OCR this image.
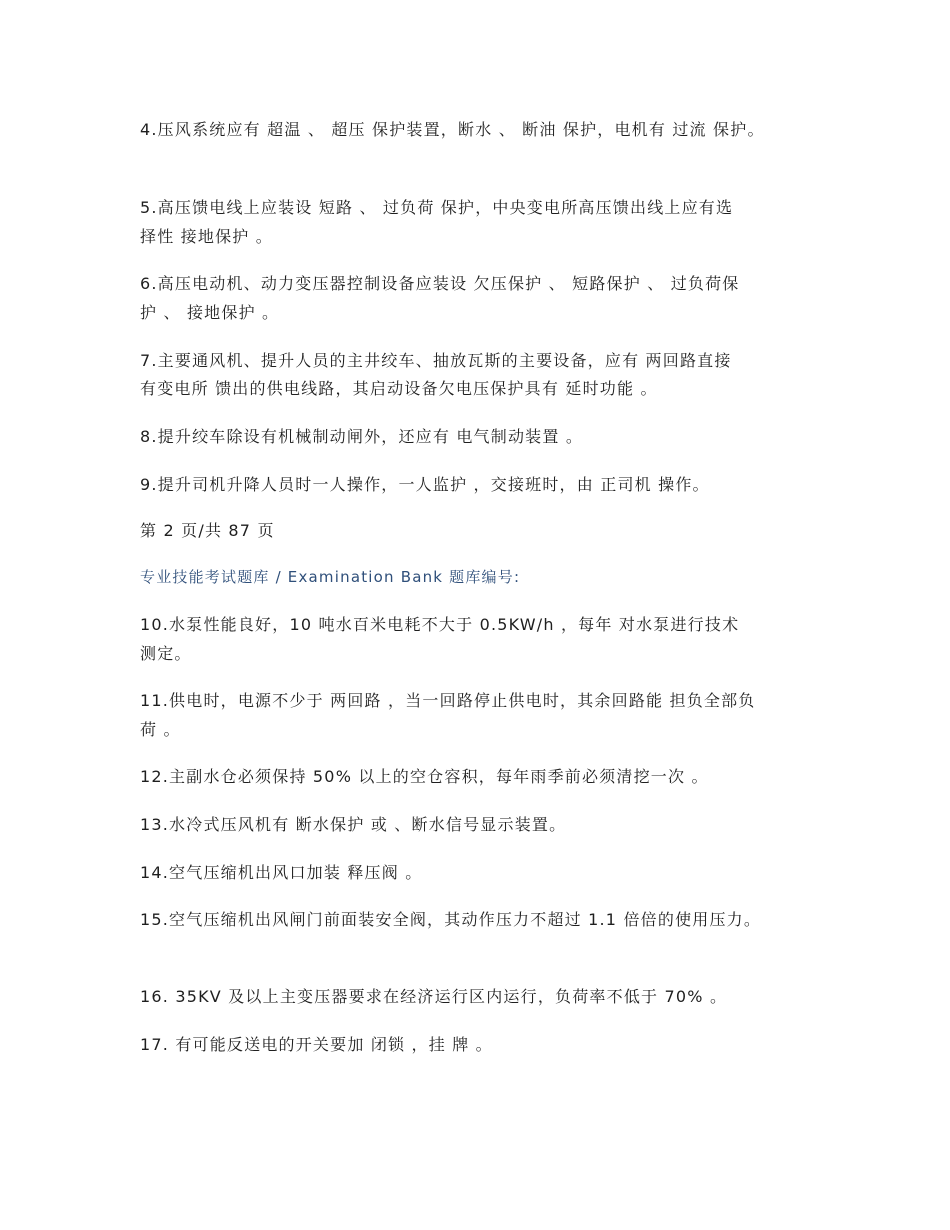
4.压风系统应有 超温 、 超压 保护装置，断水 、 断油 保护，电机有 过流 保护。
5.高压馈电线上应装设 短路 、 过负荷 保护，中央变电所高压馈出线上应有选
择性 接地保护 。
6.高压电动机、动力变压器控制设备应装设 欠压保护 、 短路保护 、 过负荷保
护 、 接地保护 。
7.主要通风机、提升人员的主井绞车、抽放瓦斯的主要设备，应有 两回路直接
有变电所 馈出的供电线路，其启动设备欠电压保护具有 延时功能 。
8.提升绞车除设有机械制动闸外，还应有 电气制动装置 。
9.提升司机升降人员时一人操作，一人监护 ，交接班时，由 正司机 操作。
第 2 页/共 87 页
专业技能考试题库 / Examination Bank 题库编号:
10.水泵性能良好，10 吨水百米电耗不大于 0.5KW/h ，每年 对水泵进行技术
测定。
11.供电时，电源不少于 两回路 ，当一回路停止供电时，其余回路能 担负全部负
荷 。
12.主副水仓必须保持 50% 以上的空仓容积，每年雨季前必须清挖一次 。
13.水冷式压风机有 断水保护 或 、断水信号显示装置。
14.空气压缩机出风口加装 释压阀 。
15.空气压缩机出风闸门前面装安全阀，其动作压力不超过 1.1 倍倍的使用压力。
16. 35KV 及以上主变压器要求在经济运行区内运行，负荷率不低于 70% 。
17. 有可能反送电的开关要加 闭锁 ，挂 牌 。
